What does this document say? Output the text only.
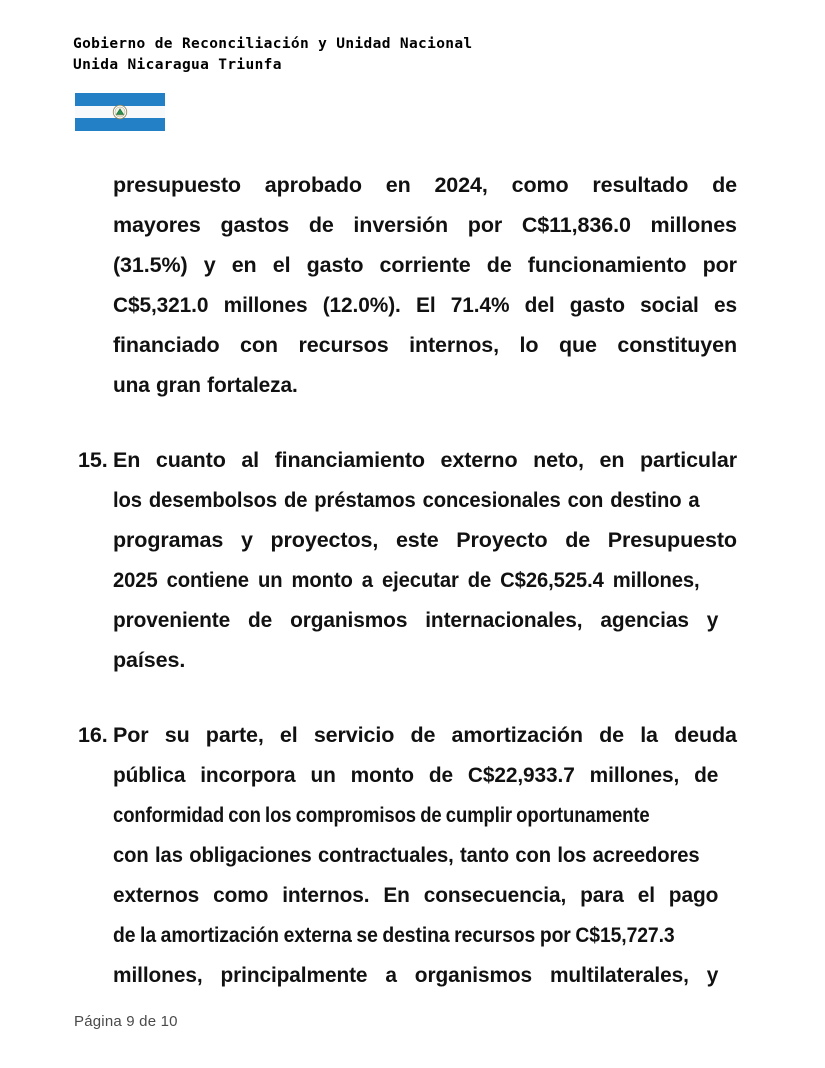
Gobierno de Reconciliación y Unidad Nacional
Unida Nicaragua Triunfa
presupuesto aprobado en 2024, como resultado de
mayores gastos de inversión por C$11,836.0 millones
(31.5%) y en el gasto corriente de funcionamiento por
C$5,321.0 millones (12.0%). El 71.4% del gasto social es
financiado con recursos internos, lo que constituyen
una gran fortaleza.
15. En cuanto al financiamiento externo neto, en particular
los desembolsos de préstamos concesionales con destino a
programas y proyectos, este Proyecto de Presupuesto
2025 contiene un monto a ejecutar de C$26,525.4 millones,
proveniente de organismos internacionales, agencias y
países.
16. Por su parte, el servicio de amortización de la deuda
pública incorpora un monto de C$22,933.7 millones, de
conformidad con los compromisos de cumplir oportunamente
con las obligaciones contractuales, tanto con los acreedores
externos como internos. En consecuencia, para el pago
de la amortización externa se destina recursos por C$15,727.3
millones, principalmente a organismos multilaterales, y
Página 9 de 10
